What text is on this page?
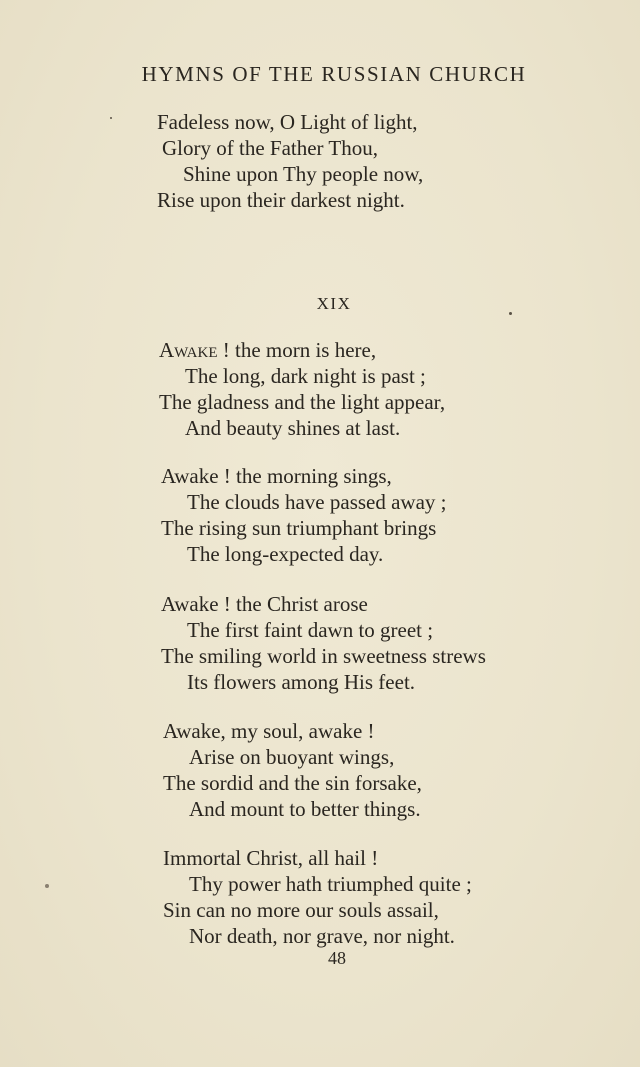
HYMNS OF THE RUSSIAN CHURCH
Fadeless now, O Light of light,
Glory of the Father Thou,
Shine upon Thy people now,
Rise upon their darkest night.
XIX
Awake ! the morn is here,
The long, dark night is past ;
The gladness and the light appear,
And beauty shines at last.
Awake ! the morning sings,
The clouds have passed away ;
The rising sun triumphant brings
The long-expected day.
Awake ! the Christ arose
The first faint dawn to greet ;
The smiling world in sweetness strews
Its flowers among His feet.
Awake, my soul, awake !
Arise on buoyant wings,
The sordid and the sin forsake,
And mount to better things.
Immortal Christ, all hail !
Thy power hath triumphed quite ;
Sin can no more our souls assail,
Nor death, nor grave, nor night.
48
